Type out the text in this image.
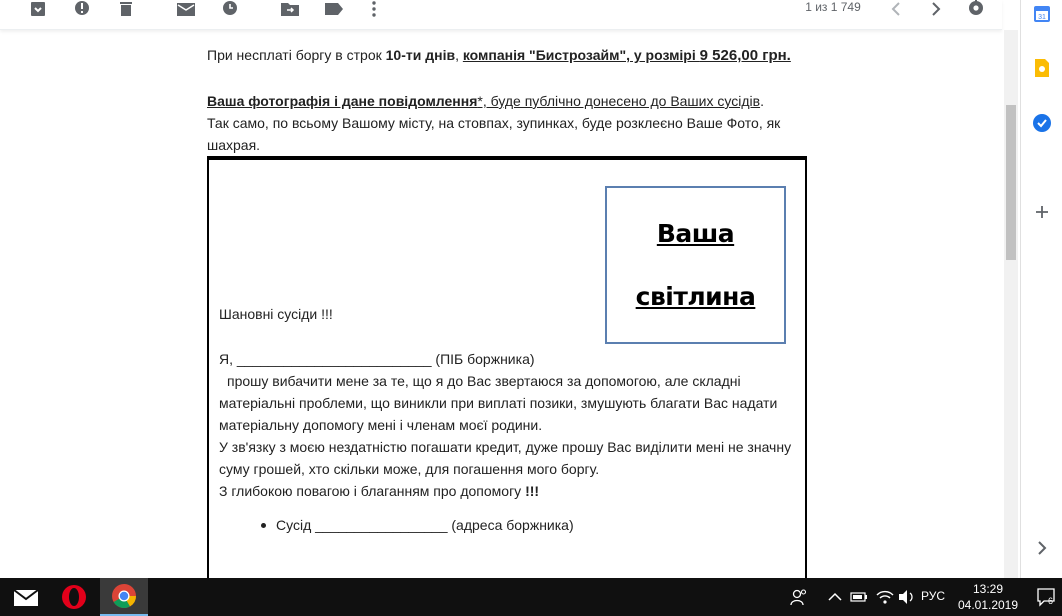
1 из 1 749
31
При несплаті боргу в строк 10-ти днів, компанія "Бистрозайм", у розмірі 9 526,00 грн.
Ваша фотографія і дане повідомлення*, буде публічно донесено до Ваших сусідів.
Так само, по всьому Вашому місту, на стовпах, зупинках, буде розклеєно Ваше Фото, як
шахрая.
Ваша
світлина
Шановні сусіди !!!
Я, _________________________ (ПІБ боржника)
прошу вибачити мене за те, що я до Вас звертаюся за допомогою, але складні
матеріальні проблеми, що виникли при виплаті позики, змушують благати Вас надати
матеріальну допомогу мені і членам моєї родини.
У зв'язку з моєю нездатністю погашати кредит, дуже прошу Вас виділити мені не значну
суму грошей, хто скільки може, для погашення мого боргу.
З глибокою повагою і благанням про допомогу !!!
Сусід _________________ (адреса боржника)
РУС	13:29
04.01.2019	6
